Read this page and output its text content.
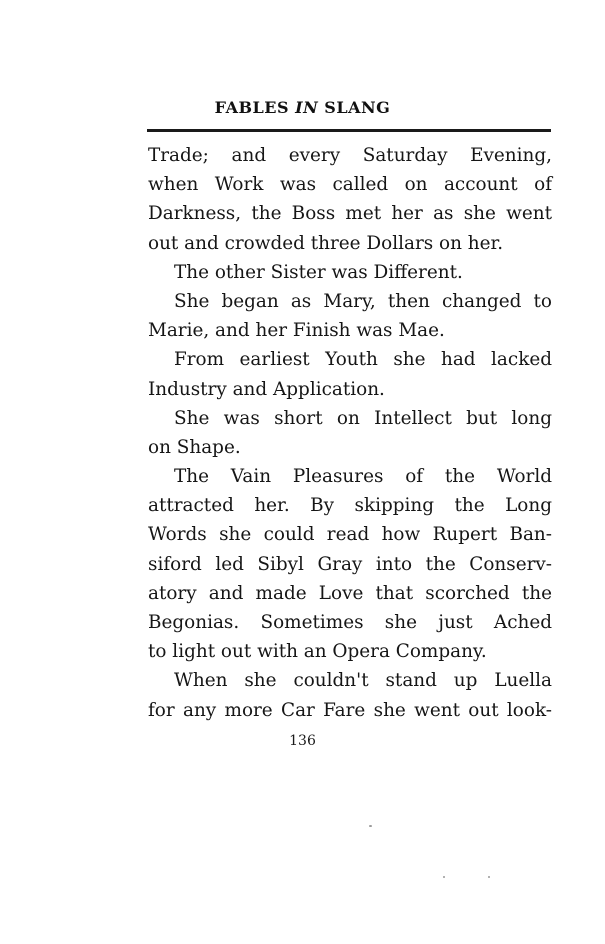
FABLES IN SLANG
Trade; and every Saturday Evening,
when Work was called on account of
Darkness, the Boss met her as she went
out and crowded three Dollars on her.
The other Sister was Different.
She began as Mary, then changed to
Marie, and her Finish was Mae.
From earliest Youth she had lacked
Industry and Application.
She was short on Intellect but long
on Shape.
The Vain Pleasures of the World
attracted her. By skipping the Long
Words she could read how Rupert Ban-
siford led Sibyl Gray into the Conserv-
atory and made Love that scorched the
Begonias. Sometimes she just Ached
to light out with an Opera Company.
When she couldn't stand up Luella
for any more Car Fare she went out look-
136
